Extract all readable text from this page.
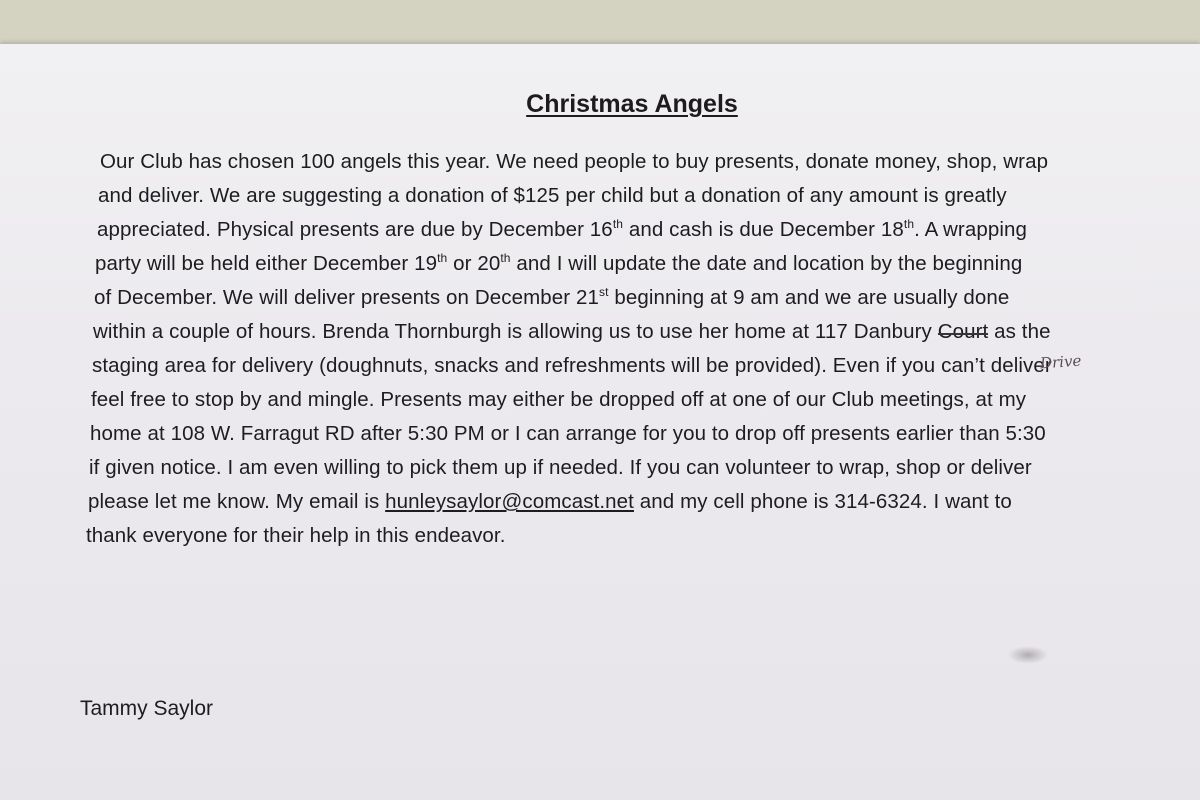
Christmas Angels
Our Club has chosen 100 angels this year. We need people to buy presents, donate money, shop, wrap
and deliver. We are suggesting a donation of $125 per child but a donation of any amount is greatly
appreciated. Physical presents are due by December 16th and cash is due December 18th. A wrapping
party will be held either December 19th or 20th and I will update the date and location by the beginning
of December. We will deliver presents on December 21st beginning at 9 am and we are usually done
within a couple of hours. Brenda Thornburgh is allowing us to use her home at 117 Danbury Court as the
staging area for delivery (doughnuts, snacks and refreshments will be provided). Even if you can’t deliver
feel free to stop by and mingle. Presents may either be dropped off at one of our Club meetings, at my
home at 108 W. Farragut RD after 5:30 PM or I can arrange for you to drop off presents earlier than 5:30
if given notice. I am even willing to pick them up if needed. If you can volunteer to wrap, shop or deliver
please let me know. My email is hunleysaylor@comcast.net and my cell phone is 314-6324. I want to
thank everyone for their help in this endeavor.
Drive
Tammy Saylor
